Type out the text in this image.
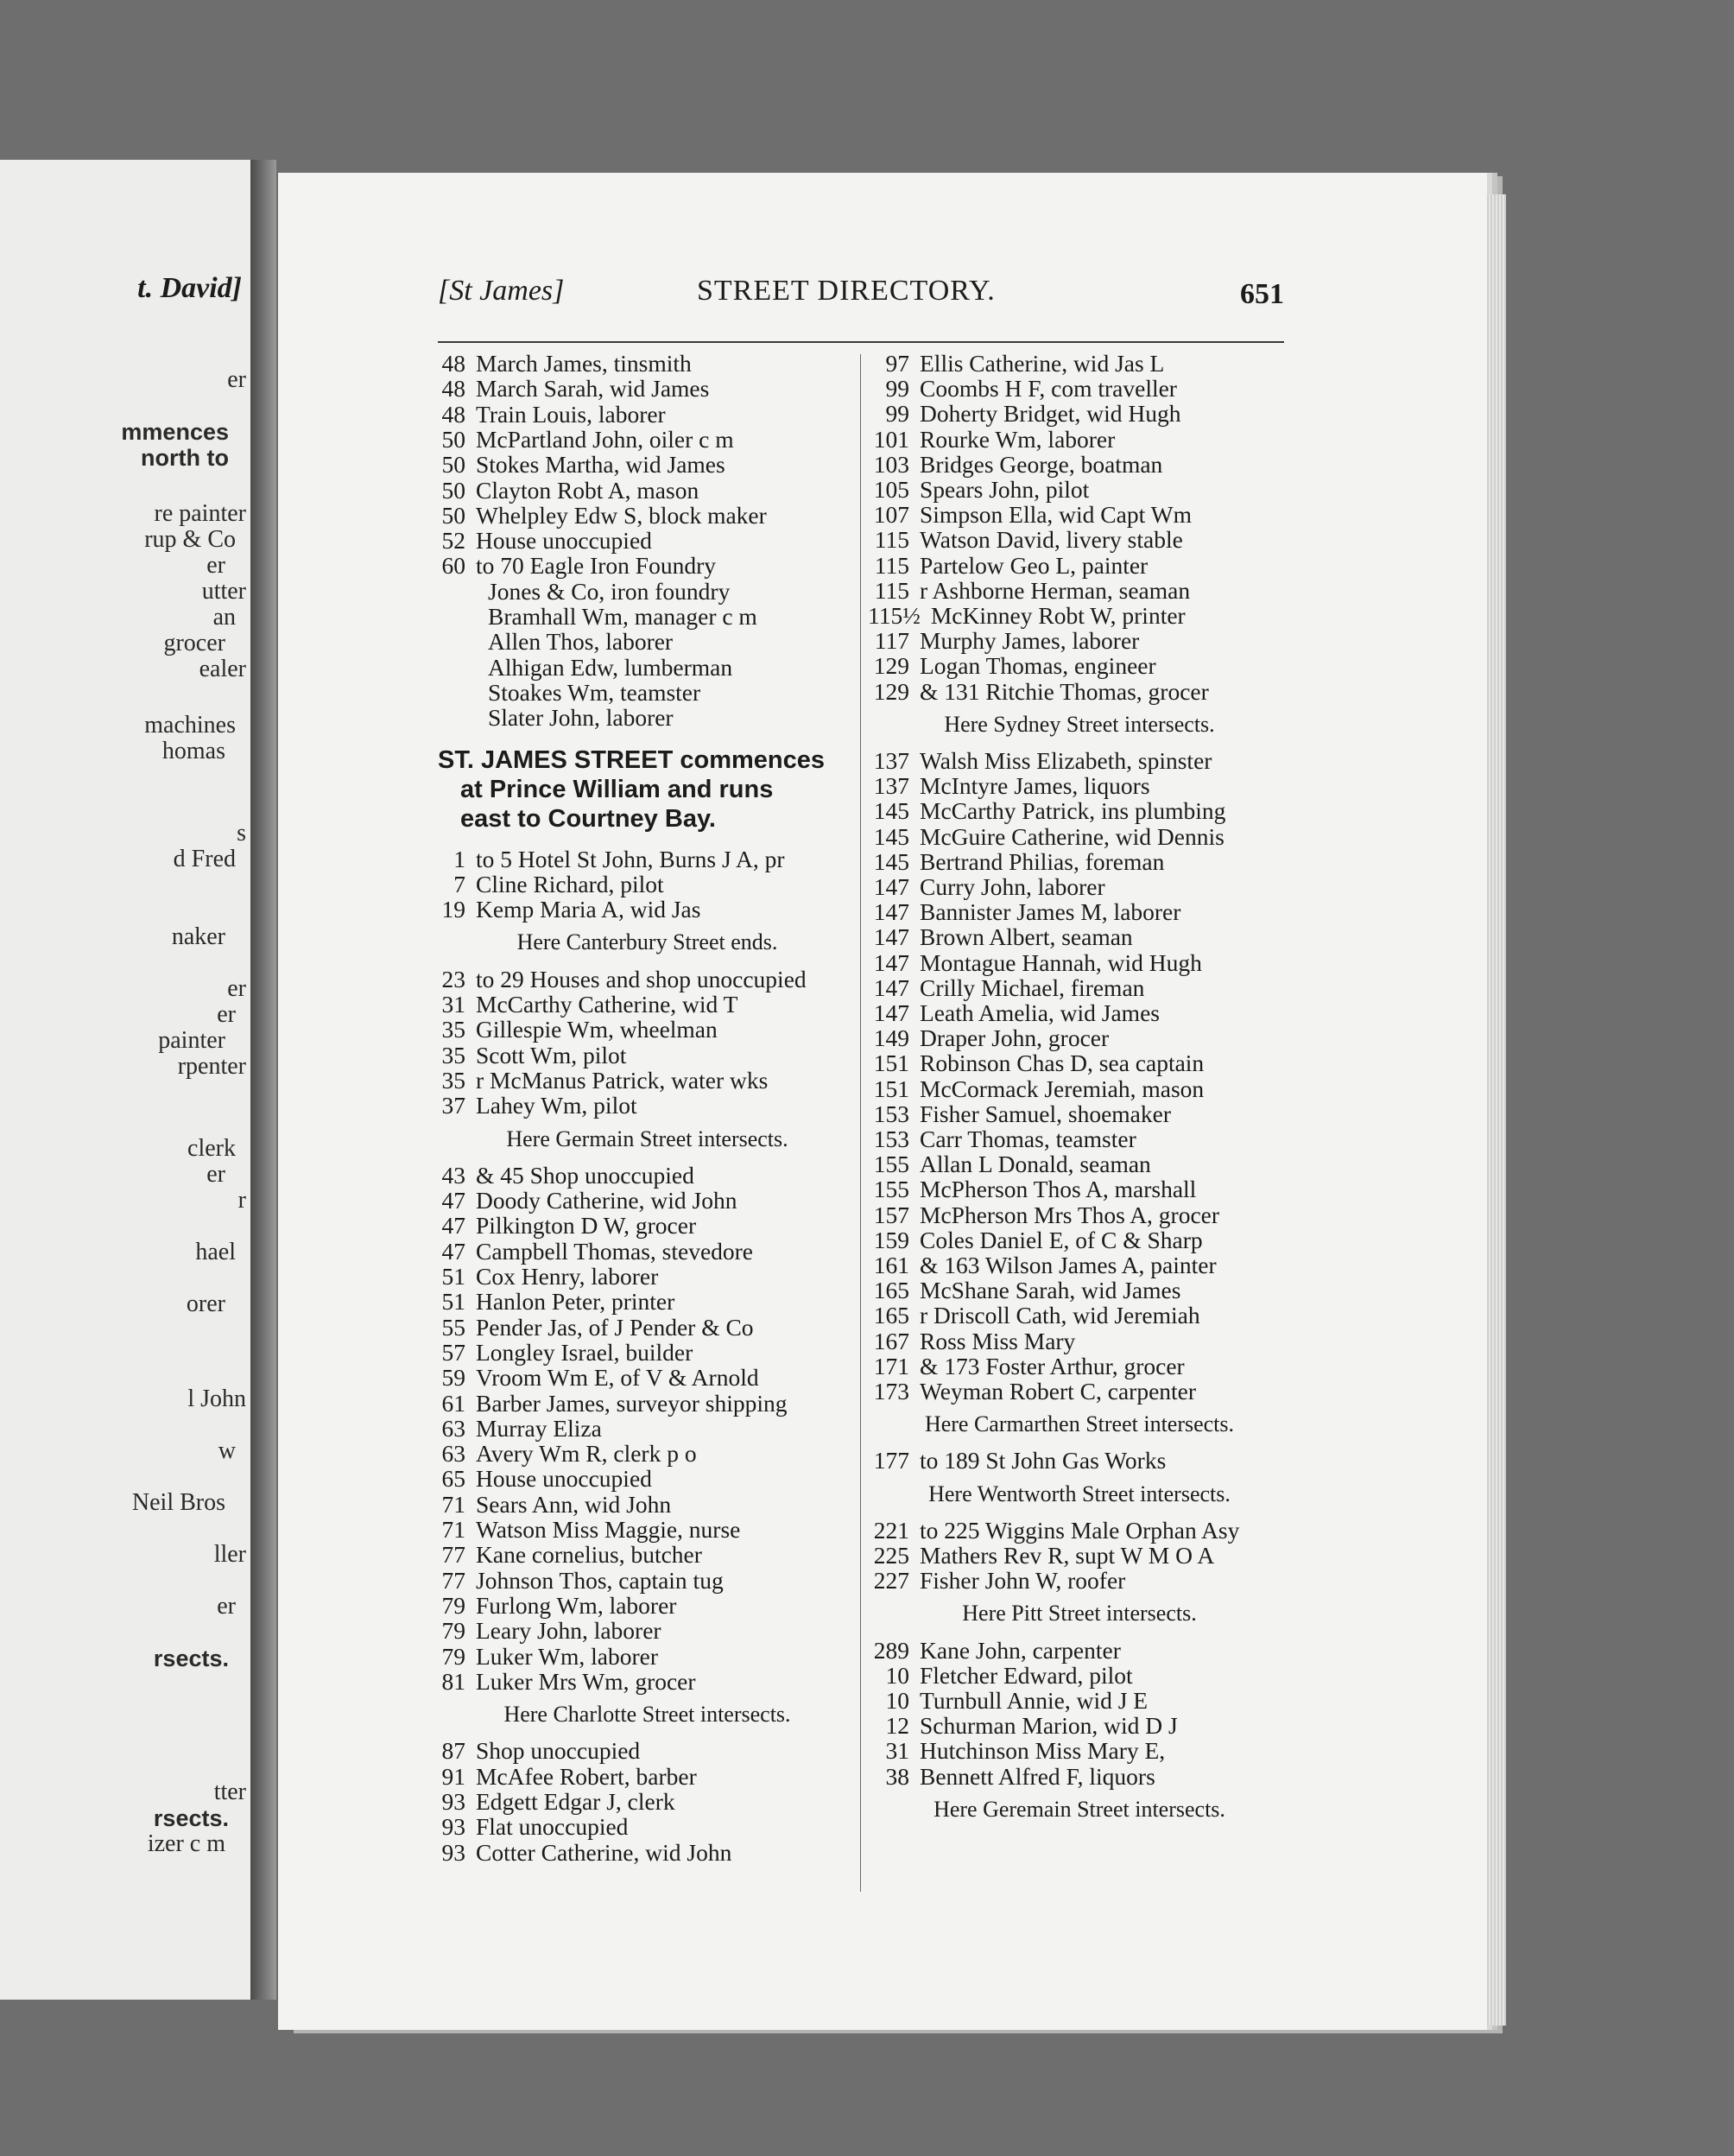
t. David]
er
mmences
north to
re painter
rup & Co
er
utter
an
grocer
ealer
machines
homas
s
d Fred
naker
er
er
painter
rpenter
clerk
er
r
hael
orer
l John
w
Neil Bros
ller
er
rsects.
tter
rsects.
izer c m
[St James]	STREET DIRECTORY.	651
48 March James, tinsmith
48 March Sarah, wid James
48 Train Louis, laborer
50 McPartland John, oiler c m
50 Stokes Martha, wid James
50 Clayton Robt A, mason
50 Whelpley Edw S, block maker
52 House unoccupied
60 to 70 Eagle Iron Foundry
Jones & Co, iron foundry
Bramhall Wm, manager c m
Allen Thos, laborer
Alhigan Edw, lumberman
Stoakes Wm, teamster
Slater John, laborer
ST. JAMES STREET commences
at Prince William and runs
east to Courtney Bay.
1 to 5 Hotel St John, Burns J A, pr
7 Cline Richard, pilot
19 Kemp Maria A, wid Jas
Here Canterbury Street ends.
23 to 29 Houses and shop unoccupied
31 McCarthy Catherine, wid T
35 Gillespie Wm, wheelman
35 Scott Wm, pilot
35 r McManus Patrick, water wks
37 Lahey Wm, pilot
Here Germain Street intersects.
43 & 45 Shop unoccupied
47 Doody Catherine, wid John
47 Pilkington D W, grocer
47 Campbell Thomas, stevedore
51 Cox Henry, laborer
51 Hanlon Peter, printer
55 Pender Jas, of J Pender & Co
57 Longley Israel, builder
59 Vroom Wm E, of V & Arnold
61 Barber James, surveyor shipping
63 Murray Eliza
63 Avery Wm R, clerk p o
65 House unoccupied
71 Sears Ann, wid John
71 Watson Miss Maggie, nurse
77 Kane cornelius, butcher
77 Johnson Thos, captain tug
79 Furlong Wm, laborer
79 Leary John, laborer
79 Luker Wm, laborer
81 Luker Mrs Wm, grocer
Here Charlotte Street intersects.
87 Shop unoccupied
91 McAfee Robert, barber
93 Edgett Edgar J, clerk
93 Flat unoccupied
93 Cotter Catherine, wid John
97 Ellis Catherine, wid Jas L
99 Coombs H F, com traveller
99 Doherty Bridget, wid Hugh
101 Rourke Wm, laborer
103 Bridges George, boatman
105 Spears John, pilot
107 Simpson Ella, wid Capt Wm
115 Watson David, livery stable
115 Partelow Geo L, painter
115 r Ashborne Herman, seaman
115½ McKinney Robt W, printer
117 Murphy James, laborer
129 Logan Thomas, engineer
129 & 131 Ritchie Thomas, grocer
Here Sydney Street intersects.
137 Walsh Miss Elizabeth, spinster
137 McIntyre James, liquors
145 McCarthy Patrick, ins plumbing
145 McGuire Catherine, wid Dennis
145 Bertrand Philias, foreman
147 Curry John, laborer
147 Bannister James M, laborer
147 Brown Albert, seaman
147 Montague Hannah, wid Hugh
147 Crilly Michael, fireman
147 Leath Amelia, wid James
149 Draper John, grocer
151 Robinson Chas D, sea captain
151 McCormack Jeremiah, mason
153 Fisher Samuel, shoemaker
153 Carr Thomas, teamster
155 Allan L Donald, seaman
155 McPherson Thos A, marshall
157 McPherson Mrs Thos A, grocer
159 Coles Daniel E, of C & Sharp
161 & 163 Wilson James A, painter
165 McShane Sarah, wid James
165 r Driscoll Cath, wid Jeremiah
167 Ross Miss Mary
171 & 173 Foster Arthur, grocer
173 Weyman Robert C, carpenter
Here Carmarthen Street intersects.
177 to 189 St John Gas Works
Here Wentworth Street intersects.
221 to 225 Wiggins Male Orphan Asy
225 Mathers Rev R, supt W M O A
227 Fisher John W, roofer
Here Pitt Street intersects.
289 Kane John, carpenter
10 Fletcher Edward, pilot
10 Turnbull Annie, wid J E
12 Schurman Marion, wid D J
31 Hutchinson Miss Mary E,
38 Bennett Alfred F, liquors
Here Geremain Street intersects.
